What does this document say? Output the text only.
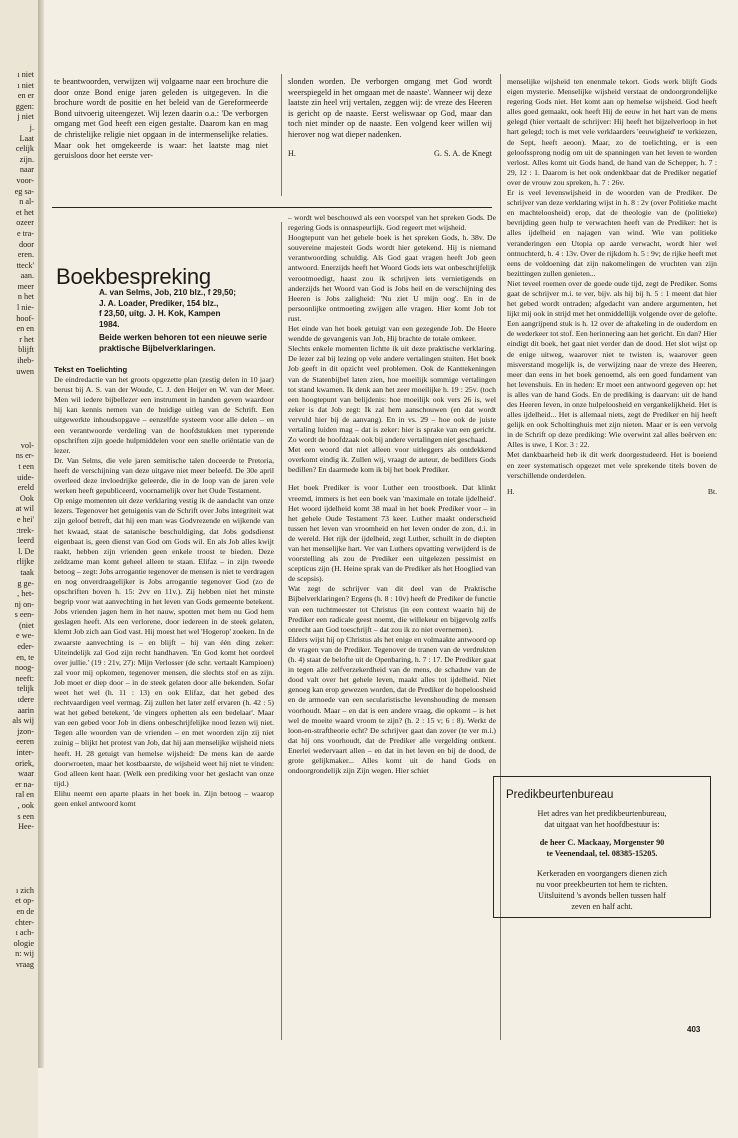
ı niet
ı niet
en er
ggen:
j niet
j.
Laat
celijk
zijn.
naar
voor-
eg sa-
n al-
et het
ozeer
e tra-
door
eren.
tteck'
aan.
meer
n het
l nie-
hoof-
en en
r het
blijft
iheb-
uwen
vol-
ns er-
t een
uide-
ereld
Ook
at wil
e hei'
:trek-
leerd
l. De
rlijke
taak
g ge-
, het-
nj on-
s een-
(niet
e we-
eder-
en, te
noog-
neeft:
telijk
ıdere
aarin
als wij
jzon-
eeren
inter-
oriek,
waar
er na-
ral en
, ook
s een
Hee-
ı zich
et op-
en de
chter-
ı ach-
ologie
n: wij
vraag

te beantwoorden, verwijzen wij volgaarne naar een brochure die door onze Bond enige jaren geleden is uitgegeven. In die brochure wordt de positie en het beleid van de Gereformeerde Bond uitvoerig uiteengezet. Wij lezen daarin o.a.: 'De verborgen omgang met God heeft een eigen gestalte. Daarom kan en mag de christelijke religie niet opgaan in de intermenselijke relaties. Maar ook het omgekeerde is waar: het laatste mag niet geruisloos door het eerste ver-

slonden worden. De verborgen omgang met God wordt weerspiegeld in het omgaan met de naaste'. Wanneer wij deze laatste zin heel vrij vertalen, zeggen wij: de vreze des Heeren is gericht op de naaste. Eerst weliswaar op God, maar dan toch niet minder op de naaste. Een volgend keer willen wij hierover nog wat dieper nadenken.

H.	G. S. A. de Knegt
Boekbespreking

A. van Selms, Job, 210 blz., f 29,50;

J. A. Loader, Prediker, 154 blz.,

f 23,50, uitg. J. H. Kok, Kampen

1984.

Beide werken behoren tot een nieuwe serie praktische Bijbelverklaringen.

Tekst en Toelichting

De eindredactie van het groots opgezette plan (zestig delen in 10 jaar) berust bij A. S. van der Woude, C. J. den Heijer en W. van der Meer. Men wil iedere bijbellezer een instrument in handen geven waardoor hij kan kennis nemen van de huidige uitleg van de Schrift. Een uitgewerkte inhoudsopgave – eenzelfde systeem voor alle delen – en een verantwoorde verdeling van de hoofdstukken met typerende opschriften zijn goede hulpmiddelen voor een snelle oriëntatie van de lezer.

Dr. Van Selms, die vele jaren semitische talen doceerde te Pretoria, heeft de verschijning van deze uitgave niet meer beleefd. De 30e april overleed deze invloedrijke geleerde, die in de loop van de jaren vele werken heeft gepubliceerd, voornamelijk over het Oude Testament.

Op enige momenten uit deze verklaring vestig ik de aandacht van onze lezers. Tegenover het getuigenis van de Schrift over Jobs integriteit wat zijn geloof betreft, dat hij een man was Godvrezende en wijkende van het kwaad, staat de satanische beschuldiging, dat Jobs godsdienst eigenbaat is, geen dienst van God om Gods wil. En als Job alles kwijt raakt, hebben zijn vrienden geen enkele troost te bieden. Deze zeldzame man komt geheel alleen te staan. Elifaz – in zijn tweede betoog – zegt: Jobs arrogantie tegenover de mensen is niet te verdragen en nog onverdraagelijker is Jobs arrogantie tegenover God (zo de opschriften boven h. 15: 2vv en 11v.). Zij hebben niet het minste begrip voor wat aanvechting in het leven van Gods gemeente betekent. Jobs vrienden jagen hem in het nauw, spotten met hem nu God hem geslagen heeft. Als een verlorene, door iedereen in de steek gelaten, klemt Job zich aan God vast. Hij moest het wel 'Hogerop' zoeken. In de zwaarste aanvechting is – en blijft – hij van één ding zeker: Uiteindelijk zal God zijn recht handhaven. 'En God komt het oordeel over jullie.' (19 : 21v, 27): Mijn Verlosser (de schr. vertaalt Kampioen) zal voor mij opkomen, tegenover mensen, die slechts stof en as zijn. Job moet er diep door – in de steek gelaten door alle bekenden. Sofar weet het wel (h. 11 : 13) en ook Elifaz, dat het gebed des rechtvaardigen veel vermag. Zij zullen het later zelf ervaren (h. 42 : 5) wat het gebed betekent, 'de vingers ophetten als een bedelaar'. Maar van een gebed voor Job in diens onbeschrijfelijke nood lezen wij niet. Tegen alle woorden van de vrienden – en met woorden zijn zij niet zuinig – blijkt het protest van Job, dat hij aan menselijke wijsheid niets heeft. H. 28 getuigt van hemelse wijsheid: De mens kan de aarde doorwroeten, maar het kostbaarste, de wijsheid weet hij niet te vinden: God alleen kent haar. (Welk een prediking voor het geslacht van onze tijd.)

Elihu neemt een aparte plaats in het boek in. Zijn betoog – waarop geen enkel antwoord komt

– wordt wel beschouwd als een voorspel van het spreken Gods. De regering Gods is onnaspeurlijk. God regeert met wijsheid.

Hoogtepunt van het gehele boek is het spreken Gods, h. 38v. De souvereine majesteit Gods wordt hier getekend. Hij is niemand verantwoording schuldig. Als God gaat vragen heeft Job geen antwoord. Enerzijds heeft het Woord Gods iets wat onbeschrijfelijk verootmoedigt, haast zou ik schrijven iets vernietigends en anderzijds het Woord van God is Jobs heil en de verschijning des Heeren is Jobs zaligheid: 'Nu ziet U mijn oog'. En in de persoonlijke ontmoeting zwijgen alle vragen. Hier komt Job tot rust.

Het einde van het boek getuigt van een gezegende Job. De Heere wendde de gevangenis van Job, Hij brachte de totale omkeer.

Slechts enkele momenten lichtte ik uit deze praktische verklaring. De lezer zal bij lezing op vele andere vertalingen stuiten. Het boek Job geeft in dit opzicht veel problemen. Ook de Kanttekeningen van de Statenbijbel laten zien, hoe moeilijk sommige vertalingen tot stand kwamen. Ik denk aan het zeer moeilijke h. 19 : 25v. (toch een hoogtepunt van belijdenis: hoe moeilijk ook vers 26 is, wel zeker is dat Job zegt: Ik zal hem aanschouwen (en dat wordt vervuld hier bij de aanvang). En in vs. 29 – hoe ook de juiste vertaling luiden mag – dat is zeker: hier is sprake van een gericht. Zo wordt de hoofdzaak ook bij andere vertalingen niet geschaad.

Met een woord dat niet alleen voor uitleggers als ontdekkend overkomt eindig ik. Zullen wij, vraagt de auteur, de bedillers Gods bedillen? En daarmede kom ik bij het boek Prediker.

Het boek Prediker is voor Luther een troostboek. Dat klinkt vreemd, immers is het een boek van 'maximale en totale ijdelheid'. Het woord ijdelheid komt 38 maal in het boek Prediker voor – in het gehele Oude Testament 73 keer. Luther maakt onderscheid tussen het leven van vroomheid en het leven onder de zon, d.i. in de wereld. Het rijk der ijdelheid, zegt Luther, schuilt in de diepten van het menselijke hart. Ver van Luthers opvatting verwijderd is de voorstelling als zou de Prediker een uitgelezen pessimist en scepticus zijn (H. Heine sprak van de Prediker als het Hooglied van de scepsis).

Wat zegt de schrijver van dit deel van de Praktische Bijbelverklaringen? Ergens (h. 8 : 10v) heeft de Prediker de functie van een tuchtmeester tot Christus (in een context waarin hij de Prediker een radicale geest noemt, die willekeur en bijgevolg zelfs onrecht aan God toeschrijft – dat zou ik zo niet overnemen).

Elders wijst hij op Christus als het enige en volmaakte antwoord op de vragen van de Prediker. Tegenover de tranen van de verdrukten (h. 4) staat de belofte uit de Openbaring, h. 7 : 17. De Prediker gaat in tegen alle zelfverzekerdheid van de mens, de schaduw van de dood valt over het gehele leven, maakt alles tot ijdelheid. Niet genoeg kan erop gewezen worden, dat de Prediker de hopeloosheid en de armoede van een secularistische levenshouding de mensen voorhoudt. Maar – en dat is een andere vraag, die opkomt – is het wel de moeite waard vroom te zijn? (h. 2 : 15 v; 6 : 8). Werkt de loon-en-straftheorie echt? De schrijver gaat dan zover (te ver m.i.) dat hij ons voorhoudt, dat de Prediker alle vergelding ontkent. Enerlei wedervaart allen – en dat in het leven en bij de dood, de grote gelijkmaker... Alles komt uit de hand Gods en ondoorgrondelijk zijn Zijn wegen. Hier schiet

menselijke wijsheid ten enenmale tekort. Gods werk blijft Gods eigen mysterie. Menselijke wijsheid verstaat de ondoorgrondelijke regering Gods niet. Het komt aan op hemelse wijsheid. God heeft alles goed gemaakt, ook heeft Hij de eeuw in het hart van de mens gelegd (hier vertaalt de schrijver: Hij heeft het bijzelverloop in het hart gelegd; toch is met vele verklaarders 'eeuwigheid' te verkiezen, de Sept, heeft aeoon). Maar, zo de toelichting, er is een geloofssprong nodig om uit de spanningen van het leven te worden verlost. Alles komt uit Gods hand, de hand van de Schepper, h. 7 : 29, 12 : 1. Daarom is het ook ondenkbaar dat de Prediker negatief over de vrouw zou spreken, h. 7 : 26v.

Er is veel levenswijsheid in de woorden van de Prediker. De schrijver van deze verklaring wijst in h. 8 : 2v (over Politieke macht en machteloosheid) erop, dat de theologie van de (politieke) bevrijding geen hulp te verwachten heeft van de Prediker: het is alles ijdelheid en najagen van wind. Wie van politieke veranderingen een Utopia op aarde verwacht, wordt hier wel ontnuchterd, h. 4 : 13v. Over de rijkdom h. 5 : 9v; de rijke heeft met eens de voldoening dat zijn nakomelingen de vruchten van zijn bezittingen zullen genieten...

Niet teveel roemen over de goede oude tijd, zegt de Prediker. Soms gaat de schrijver m.i. te ver, bijv. als hij bij h. 5 : 1 meent dat hier het gebed wordt ontraden; afgedacht van andere argumenten, het lijkt mij ook in strijd met het onmiddellijk volgende over de gelofte. Een aangrijpend stuk is h. 12 over de aftakeling in de ouderdom en de wederkeer tot stof. Een herinnering aan het gericht. En dan? Hier eindigt dit boek, het gaat niet verder dan de dood. Het slot wijst op de enige uitweg, waarover niet te twisten is, waarover geen misverstand mogelijk is, de verwijzing naar de vreze des Heeren, meer dan eens in het boek genoemd, als een goed fundament van het levenshuis. En in heden: Er moet een antwoord gegeven op: het is alles van de hand Gods. En de prediking is daarvan: uit de hand des Heeren leven, in onze hulpeloosheid en vergankelijkheid. Het is alles ijdelheid... Het is allemaal niets, zegt de Prediker en hij heeft gelijk en ook Scholtinghuis met zijn nieten. Maar er is een vervolg in de Schrift op deze prediking: Wie overwint zal alles beërven en: Alles is uwe, 1 Kor. 3 : 22.

Met dankbaarheid heb ik dit werk doorgestudeerd. Het is boeiend en zeer systematisch opgezet met vele sprekende titels boven de verschillende onderdelen.

H.	Bt.
Predikbeurtenbureau
Het adres van het predikbeurtenbureau,
dat uitgaat van het hoofdbestuur is:
de heer C. Mackaay, Morgenster 90
te Veenendaal, tel. 08385-15205.
Kerkeraden en voorgangers dienen zich
nu voor preekbeurten tot hem te richten.
Uitsluitend 's avonds bellen tussen half
zeven en half acht.
403
